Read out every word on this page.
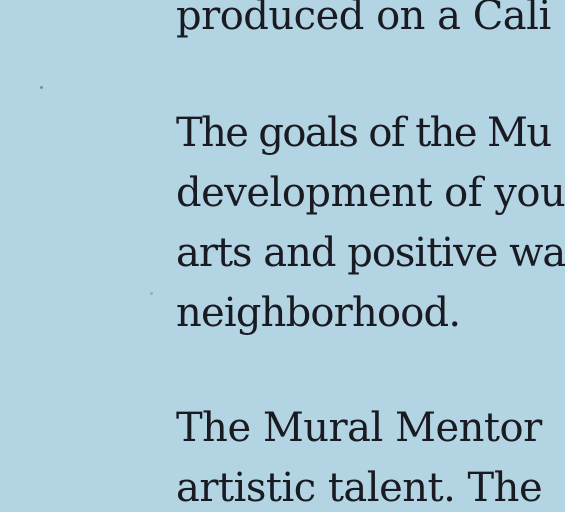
produced on a Cali
The goals of the Mu
development of you
arts and positive wa
neighborhood.
The Mural Mentor
artistic talent. The
